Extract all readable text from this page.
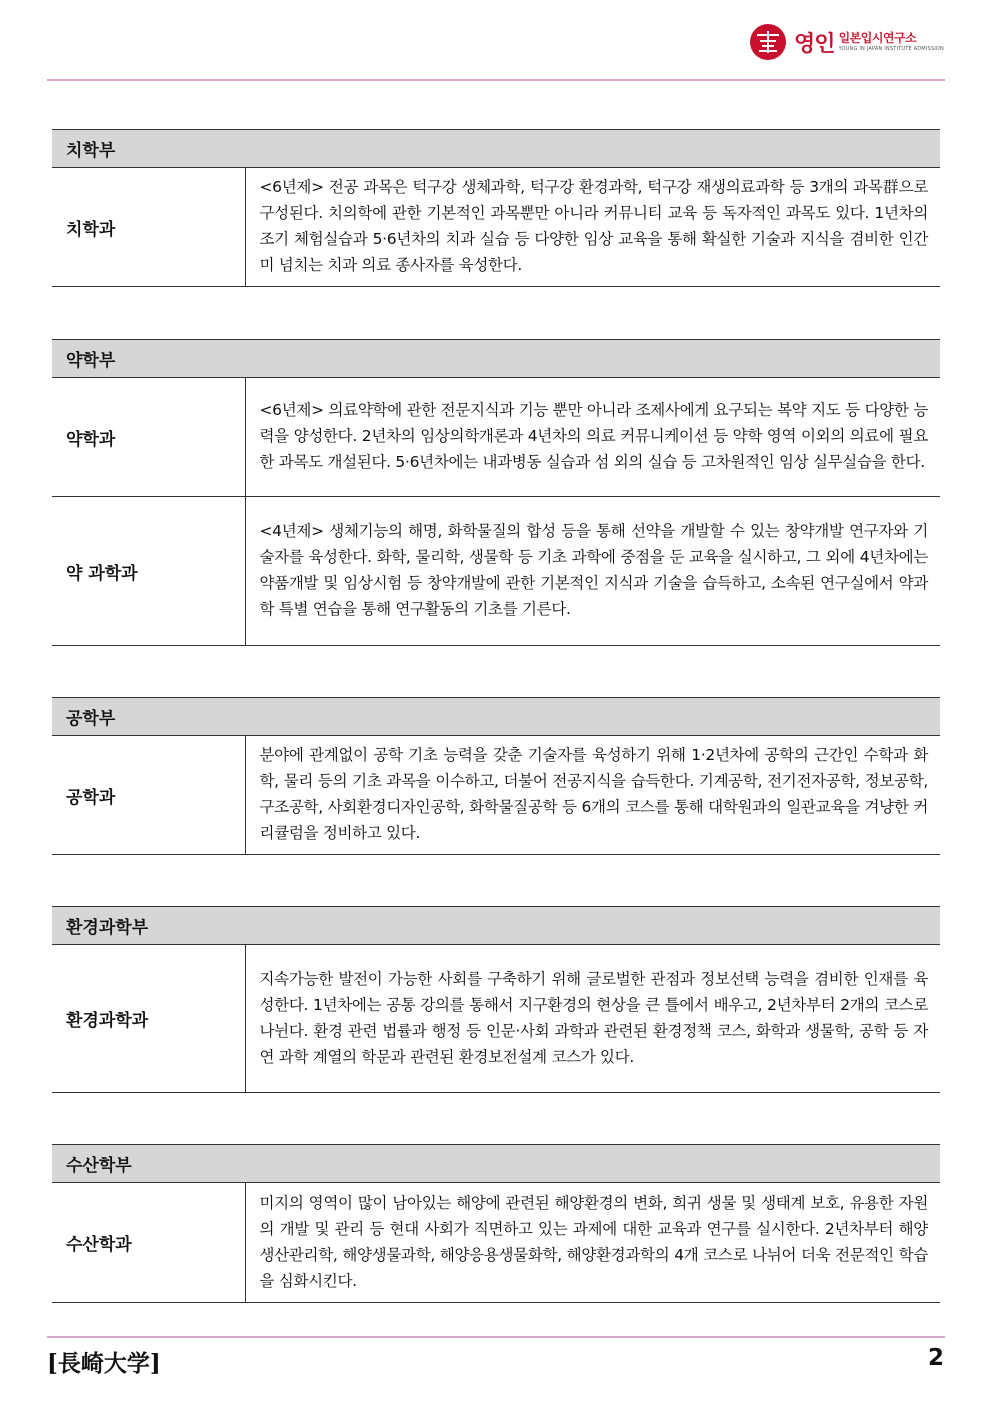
영인 일본입시연구소
YOUNG IN JAPAN INSTITUTE ADMISSION
치학부
치학과	<6년제> 전공 과목은 턱구강 생체과학, 턱구강 환경과학, 턱구강 재생의료과학 등 3개의 과목群으로 구성된다. 치의학에 관한 기본적인 과목뿐만 아니라 커뮤니티 교육 등 독자적인 과목도 있다. 1년차의 조기 체험실습과 5·6년차의 치과 실습 등 다양한 임상 교육을 통해 확실한 기술과 지식을 겸비한 인간미 넘치는 치과 의료 종사자를 육성한다.
약학부	
약학과	<6년제> 의료약학에 관한 전문지식과 기능 뿐만 아니라 조제사에게 요구되는 복약 지도 등 다양한 능력을 양성한다. 2년차의 임상의학개론과 4년차의 의료 커뮤니케이션 등 약학 영역 이외의 의료에 필요한 과목도 개설된다. 5·6년차에는 내과병동 실습과 섬 외의 실습 등 고차원적인 임상 실무실습을 한다.
약 과학과	<4년제> 생체기능의 해명, 화학물질의 합성 등을 통해 선약을 개발할 수 있는 창약개발 연구자와 기술자를 육성한다. 화학, 물리학, 생물학 등 기초 과학에 중점을 둔 교육을 실시하고, 그 외에 4년차에는 약품개발 및 임상시험 등 창약개발에 관한 기본적인 지식과 기술을 습득하고, 소속된 연구실에서 약과학 특별 연습을 통해 연구활동의 기초를 기른다.
공학부
공학과	분야에 관계없이 공학 기초 능력을 갖춘 기술자를 육성하기 위해 1·2년차에 공학의 근간인 수학과 화학, 물리 등의 기초 과목을 이수하고, 더불어 전공지식을 습득한다. 기계공학, 전기전자공학, 정보공학, 구조공학, 사회환경디자인공학, 화학물질공학 등 6개의 코스를 통해 대학원과의 일관교육을 겨냥한 커리큘럼을 정비하고 있다.
환경과학부
환경과학과	지속가능한 발전이 가능한 사회를 구축하기 위해 글로벌한 관점과 정보선택 능력을 겸비한 인재를 육성한다. 1년차에는 공통 강의를 통해서 지구환경의 현상을 큰 틀에서 배우고, 2년차부터 2개의 코스로 나뉜다. 환경 관련 법률과 행정 등 인문·사회 과학과 관련된 환경정책 코스, 화학과 생물학, 공학 등 자연 과학 계열의 학문과 관련된 환경보전설계 코스가 있다.
수산학부
수산학과	미지의 영역이 많이 남아있는 해양에 관련된 해양환경의 변화, 희귀 생물 및 생태계 보호, 유용한 자원의 개발 및 관리 등 현대 사회가 직면하고 있는 과제에 대한 교육과 연구를 실시한다. 2년차부터 해양생산관리학, 해양생물과학, 해양응용생물화학, 해양환경과학의 4개 코스로 나뉘어 더욱 전문적인 학습을 심화시킨다.
[長崎大学]	2
